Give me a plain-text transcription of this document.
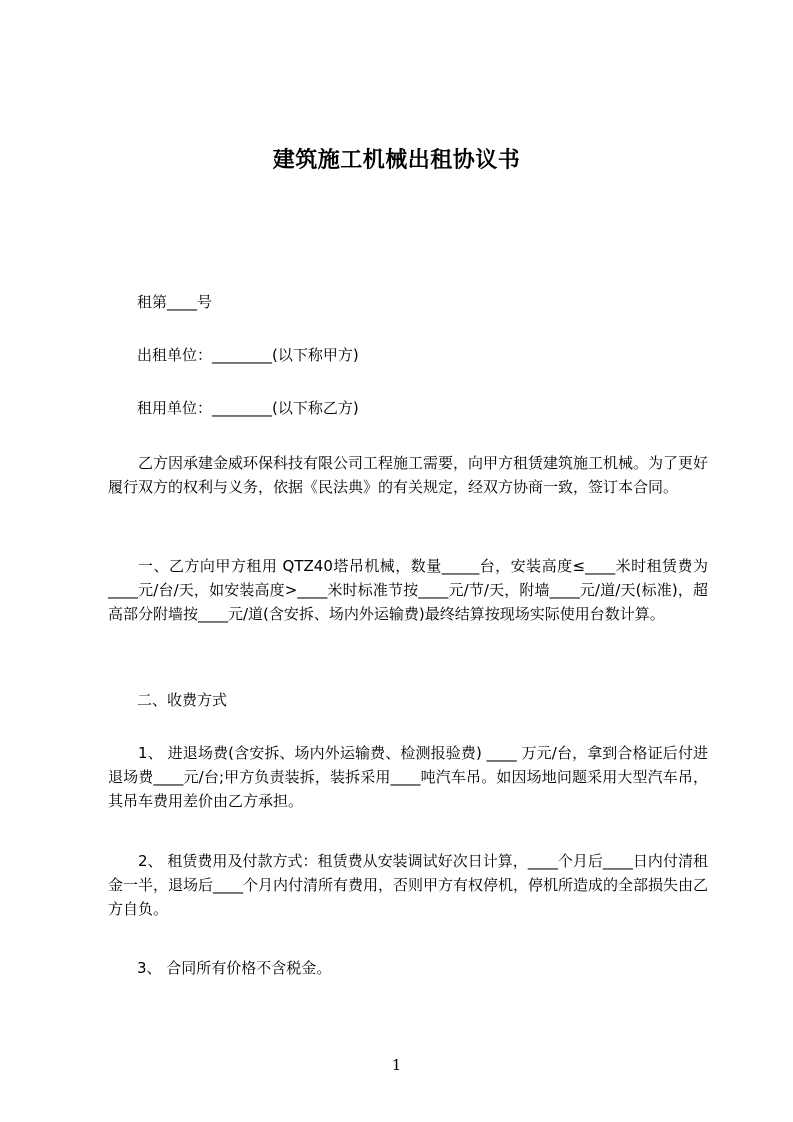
建筑施工机械出租协议书
租第____号
出租单位：________(以下称甲方)
租用单位：________(以下称乙方)
乙方因承建金威环保科技有限公司工程施工需要，向甲方租赁建筑施工机械。为了更好履行双方的权利与义务，依据《民法典》的有关规定，经双方协商一致，签订本合同。
一、乙方向甲方租用 QTZ40塔吊机械，数量_____台，安装高度≤____米时租赁费为____元/台/天，如安装高度>____米时标准节按____元/节/天，附墙____元/道/天(标准)，超高部分附墙按____元/道(含安拆、场内外运输费)最终结算按现场实际使用台数计算。
二、收费方式
1、 进退场费(含安拆、场内外运输费、检测报验费) ____ 万元/台，拿到合格证后付进退场费____元/台;甲方负责装拆，装拆采用____吨汽车吊。如因场地问题采用大型汽车吊，其吊车费用差价由乙方承担。
2、 租赁费用及付款方式：租赁费从安装调试好次日计算，____个月后____日内付清租金一半，退场后____个月内付清所有费用，否则甲方有权停机，停机所造成的全部损失由乙方自负。
3、 合同所有价格不含税金。
1
